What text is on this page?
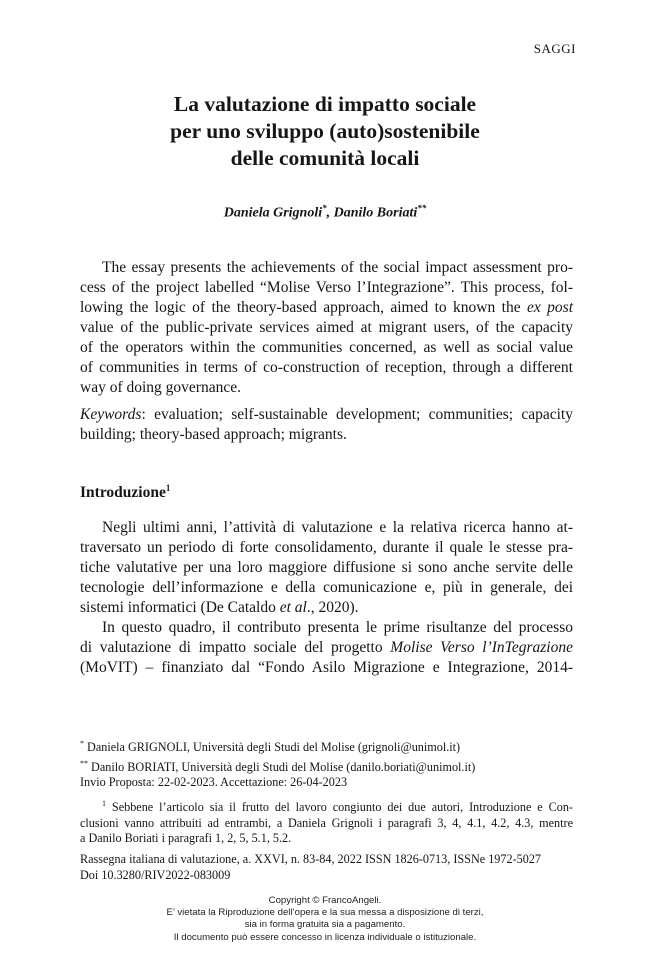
SAGGI
La valutazione di impatto sociale
per uno sviluppo (auto)sostenibile
delle comunità locali
Daniela Grignoli*, Danilo Boriati**
The essay presents the achievements of the social impact assessment pro-
cess of the project labelled “Molise Verso l’Integrazione”. This process, fol-
lowing the logic of the theory-based approach, aimed to known the ex post
value of the public-private services aimed at migrant users, of the capacity
of the operators within the communities concerned, as well as social value
of communities in terms of co-construction of reception, through a different
way of doing governance.
Keywords: evaluation; self-sustainable development; communities; capacity
building; theory-based approach; migrants.
Introduzione$^1$
Negli ultimi anni, l’attività di valutazione e la relativa ricerca hanno at-
traversato un periodo di forte consolidamento, durante il quale le stesse pra-
tiche valutative per una loro maggiore diffusione si sono anche servite delle
tecnologie dell’informazione e della comunicazione e, più in generale, dei
sistemi informatici (De Cataldo et al., 2020).
In questo quadro, il contributo presenta le prime risultanze del processo
di valutazione di impatto sociale del progetto Molise Verso l’InTegrazione
(MoVIT) – finanziato dal “Fondo Asilo Migrazione e Integrazione, 2014-
* Daniela GRIGNOLI, Università degli Studi del Molise (grignoli@unimol.it)
** Danilo BORIATI, Università degli Studi del Molise (danilo.boriati@unimol.it)
Invio Proposta: 22-02-2023. Accettazione: 26-04-2023
$^1$ Sebbene l’articolo sia il frutto del lavoro congiunto dei due autori, Introduzione e Con-
clusioni vanno attribuiti ad entrambi, a Daniela Grignoli i paragrafi 3, 4, 4.1, 4.2, 4.3, mentre
a Danilo Boriati i paragrafi 1, 2, 5, 5.1, 5.2.
Rassegna italiana di valutazione, a. XXVI, n. 83-84, 2022 ISSN 1826-0713, ISSNe 1972-5027
Doi 10.3280/RIV2022-083009
Copyright © FrancoAngeli.
E’ vietata la Riproduzione dell’opera e la sua messa a disposizione di terzi,
sia in forma gratuita sia a pagamento.
Il documento può essere concesso in licenza individuale o istituzionale.
